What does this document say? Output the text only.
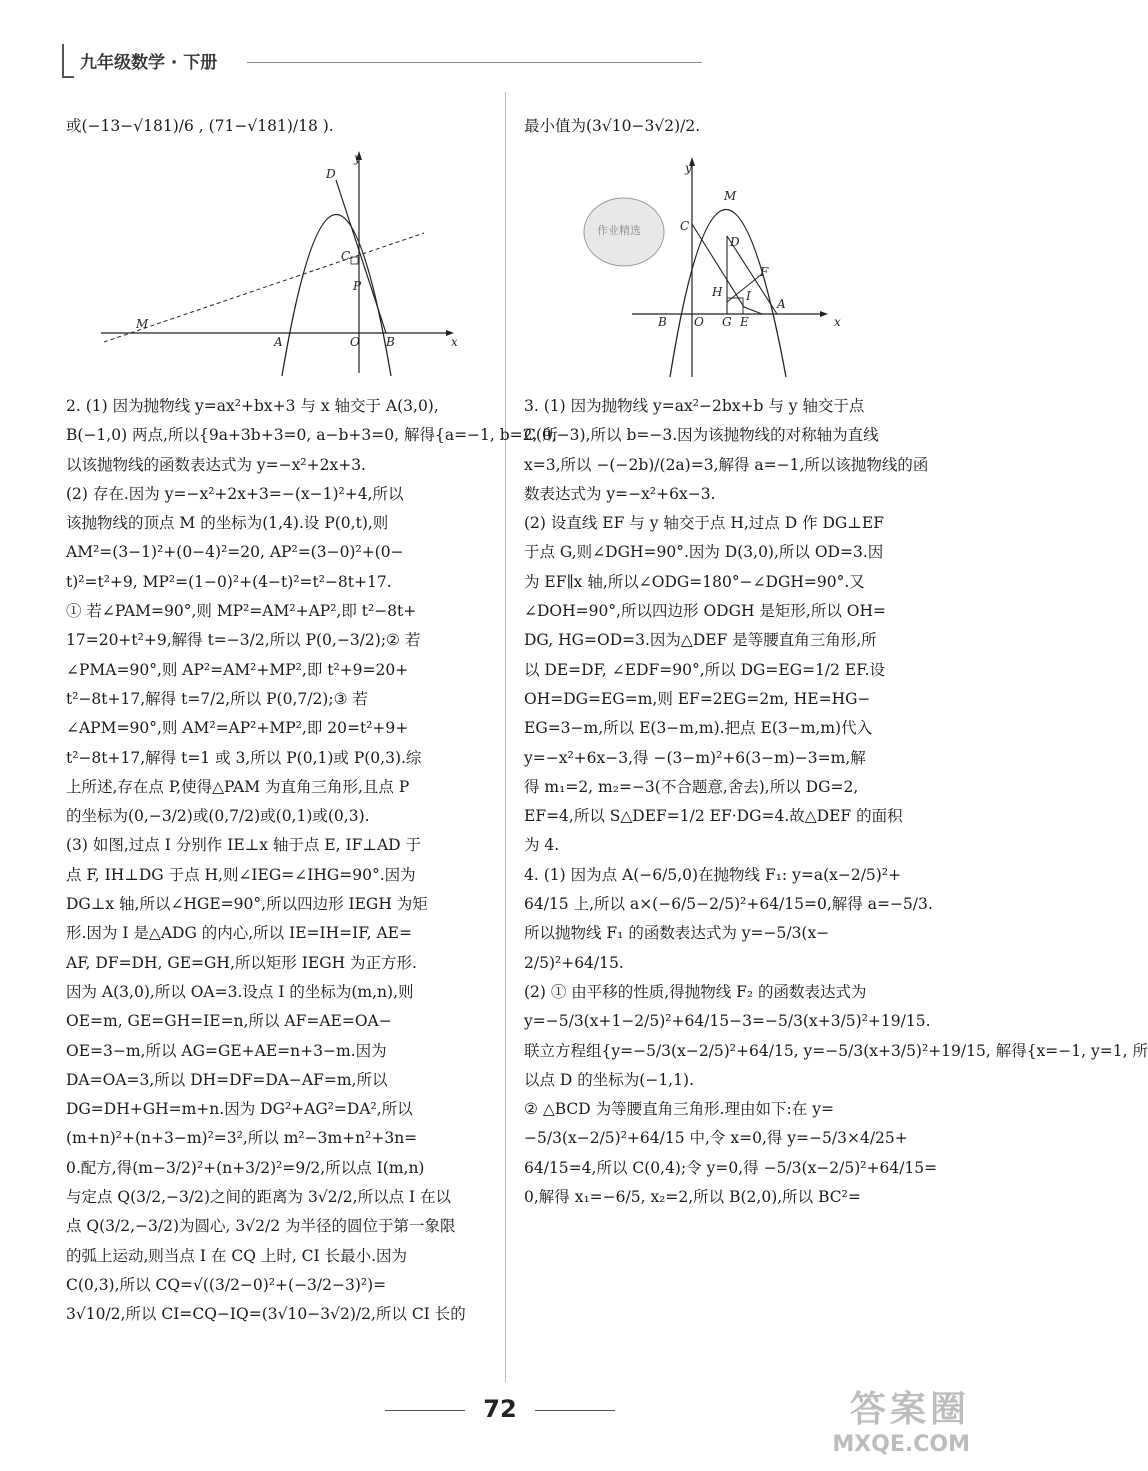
九年级数学 · 下册

或(−13−√181)/6 , (71−√181)/18 ).

x
y
D
C
P
M
A	O B

2. (1) 因为抛物线 y=ax²+bx+3 与 x 轴交于 A(3,0),

B(−1,0) 两点,所以{9a+3b+3=0, a−b+3=0, 解得{a=−1, b=2, 所

以该抛物线的函数表达式为 y=−x²+2x+3.

(2) 存在.因为 y=−x²+2x+3=−(x−1)²+4,所以

该抛物线的顶点 M 的坐标为(1,4).设 P(0,t),则

AM²=(3−1)²+(0−4)²=20, AP²=(3−0)²+(0−

t)²=t²+9, MP²=(1−0)²+(4−t)²=t²−8t+17.

① 若∠PAM=90°,则 MP²=AM²+AP²,即 t²−8t+

17=20+t²+9,解得 t=−3/2,所以 P(0,−3/2);② 若

∠PMA=90°,则 AP²=AM²+MP²,即 t²+9=20+

t²−8t+17,解得 t=7/2,所以 P(0,7/2);③ 若

∠APM=90°,则 AM²=AP²+MP²,即 20=t²+9+

t²−8t+17,解得 t=1 或 3,所以 P(0,1)或 P(0,3).综

上所述,存在点 P,使得△PAM 为直角三角形,且点 P

的坐标为(0,−3/2)或(0,7/2)或(0,1)或(0,3).

(3) 如图,过点 I 分别作 IE⊥x 轴于点 E, IF⊥AD 于

点 F, IH⊥DG 于点 H,则∠IEG=∠IHG=90°.因为

DG⊥x 轴,所以∠HGE=90°,所以四边形 IEGH 为矩

形.因为 I 是△ADG 的内心,所以 IE=IH=IF, AE=

AF, DF=DH, GE=GH,所以矩形 IEGH 为正方形.

因为 A(3,0),所以 OA=3.设点 I 的坐标为(m,n),则

OE=m, GE=GH=IE=n,所以 AF=AE=OA−

OE=3−m,所以 AG=GE+AE=n+3−m.因为

DA=OA=3,所以 DH=DF=DA−AF=m,所以

DG=DH+GH=m+n.因为 DG²+AG²=DA²,所以

(m+n)²+(n+3−m)²=3²,所以 m²−3m+n²+3n=

0.配方,得(m−3/2)²+(n+3/2)²=9/2,所以点 I(m,n)

与定点 Q(3/2,−3/2)之间的距离为 3√2/2,所以点 I 在以

点 Q(3/2,−3/2)为圆心, 3√2/2 为半径的圆位于第一象限

的弧上运动,则当点 I 在 CQ 上时, CI 长最小.因为

C(0,3),所以 CQ=√((3/2−0)²+(−3/2−3)²)=

3√10/2,所以 CI=CQ−IQ=(3√10−3√2)/2,所以 CI 长的

最小值为(3√10−3√2)/2.

作业精选
x
y
M
C
D
F
H I
B O G E
A

3. (1) 因为抛物线 y=ax²−2bx+b 与 y 轴交于点

C(0,−3),所以 b=−3.因为该抛物线的对称轴为直线

x=3,所以 −(−2b)/(2a)=3,解得 a=−1,所以该抛物线的函

数表达式为 y=−x²+6x−3.

(2) 设直线 EF 与 y 轴交于点 H,过点 D 作 DG⊥EF

于点 G,则∠DGH=90°.因为 D(3,0),所以 OD=3.因

为 EF∥x 轴,所以∠ODG=180°−∠DGH=90°.又

∠DOH=90°,所以四边形 ODGH 是矩形,所以 OH=

DG, HG=OD=3.因为△DEF 是等腰直角三角形,所

以 DE=DF, ∠EDF=90°,所以 DG=EG=1/2 EF.设

OH=DG=EG=m,则 EF=2EG=2m, HE=HG−

EG=3−m,所以 E(3−m,m).把点 E(3−m,m)代入

y=−x²+6x−3,得 −(3−m)²+6(3−m)−3=m,解

得 m₁=2, m₂=−3(不合题意,舍去),所以 DG=2,

EF=4,所以 S△DEF=1/2 EF·DG=4.故△DEF 的面积

为 4.

4. (1) 因为点 A(−6/5,0)在抛物线 F₁: y=a(x−2/5)²+

64/15 上,所以 a×(−6/5−2/5)²+64/15=0,解得 a=−5/3.

所以抛物线 F₁ 的函数表达式为 y=−5/3(x−

2/5)²+64/15.

(2) ① 由平移的性质,得抛物线 F₂ 的函数表达式为

y=−5/3(x+1−2/5)²+64/15−3=−5/3(x+3/5)²+19/15.

联立方程组{y=−5/3(x−2/5)²+64/15, y=−5/3(x+3/5)²+19/15, 解得{x=−1, y=1, 所

以点 D 的坐标为(−1,1).

② △BCD 为等腰直角三角形.理由如下:在 y=

−5/3(x−2/5)²+64/15 中,令 x=0,得 y=−5/3×4/25+

64/15=4,所以 C(0,4);令 y=0,得 −5/3(x−2/5)²+64/15=

0,解得 x₁=−6/5, x₂=2,所以 B(2,0),所以 BC²=

72	答案圈
MXQE.COM
